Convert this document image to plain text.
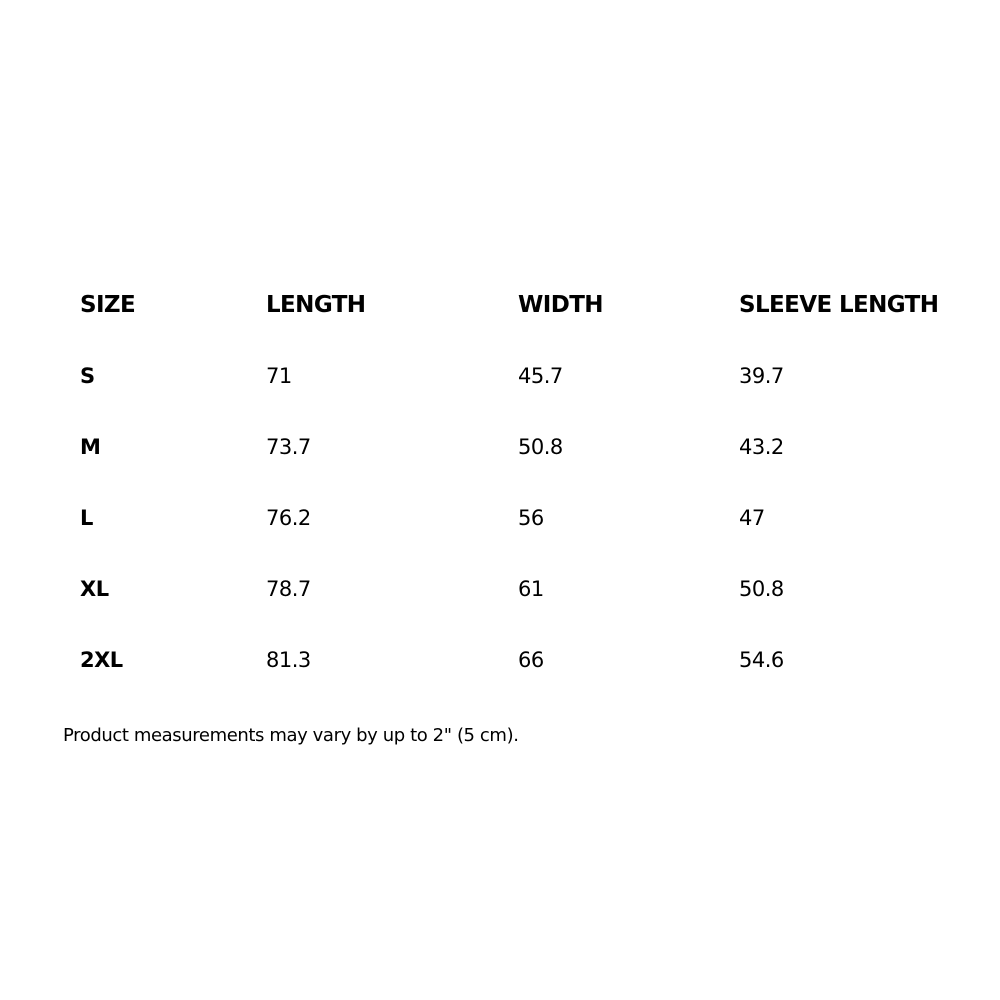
SIZE	LENGTH	WIDTH	SLEEVE LENGTH
S	71	45.7	39.7
M	73.7	50.8	43.2
L	76.2	56	47
XL	78.7	61	50.8
2XL	81.3	66	54.6
Product measurements may vary by up to 2" (5 cm).
